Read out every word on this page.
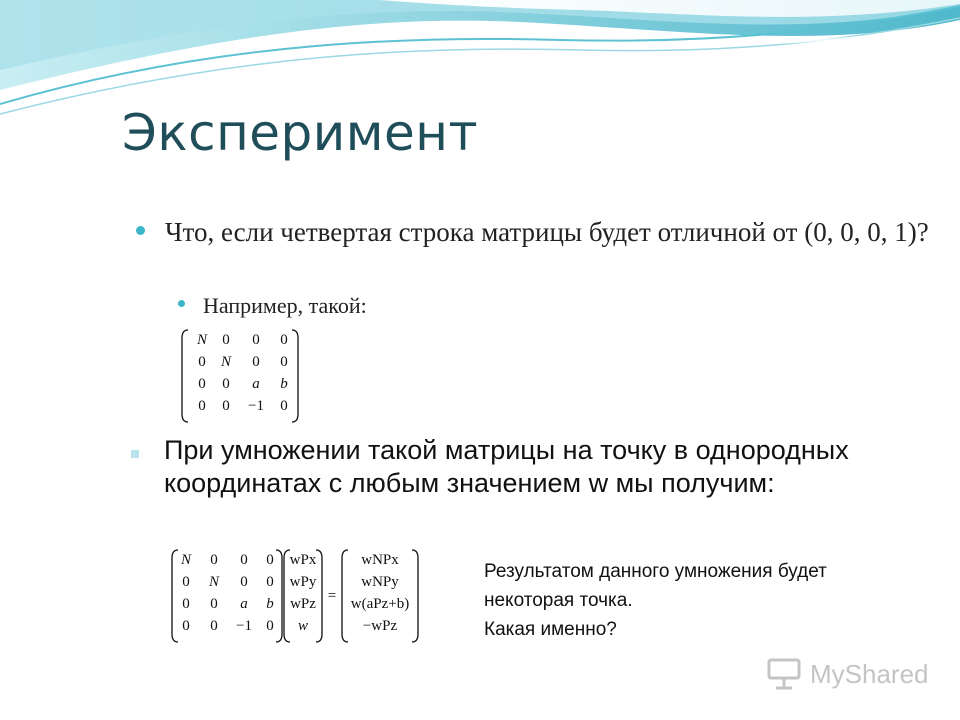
Эксперимент
Что, если четвертая строка матрицы будет отличной от (0, 0, 0, 1)?
Например, такой:
N 0 0 0
0 N 0 0
0 0 a b
0 0 −1 0
При умножении такой матрицы на точку в однородных координатах с любым значением w мы получим:
N 0 0 0
0 N 0 0
0 0 a b
0 0 −1 0
wPx
wPy
wPz
w
=
wNPx
wNPy
w(aPz+b)
−wPz
Результатом данного умножения будет
некоторая точка.
Какая именно?
MyShared
